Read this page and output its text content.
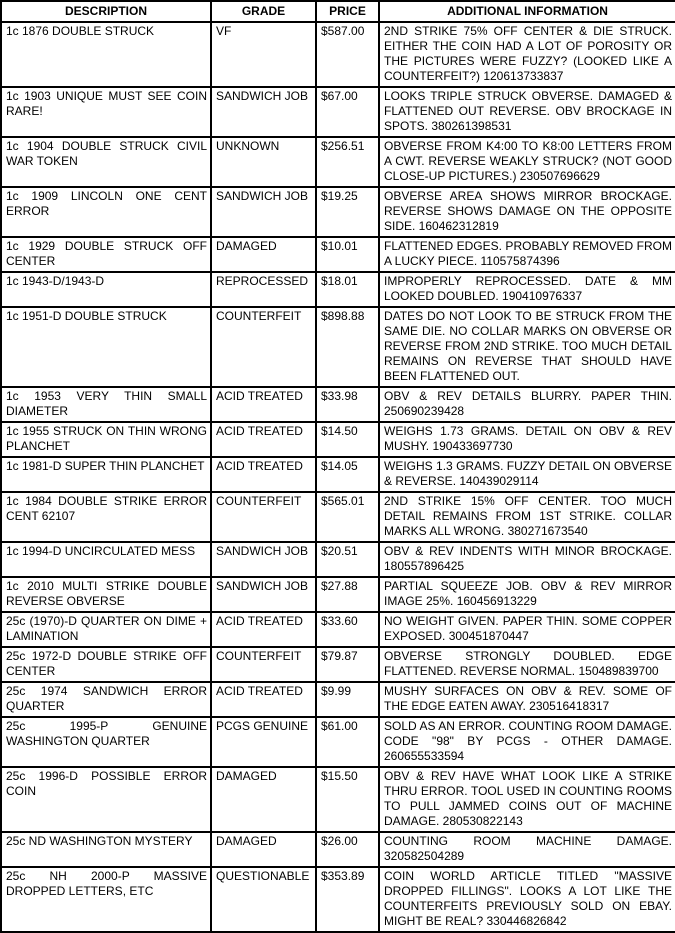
DESCRIPTION	GRADE	PRICE	ADDITIONAL INFORMATION
1c 1876 DOUBLE STRUCK	VF	$587.00	2ND STRIKE 75% OFF CENTER & DIE STRUCK. EITHER THE COIN HAD A LOT OF POROSITY OR THE PICTURES WERE FUZZY? (LOOKED LIKE A COUNTERFEIT?) 120613733837
1c 1903 UNIQUE MUST SEE COIN RARE!	SANDWICH JOB	$67.00	LOOKS TRIPLE STRUCK OBVERSE. DAMAGED & FLATTENED OUT REVERSE. OBV BROCKAGE IN SPOTS. 380261398531
1c 1904 DOUBLE STRUCK CIVIL WAR TOKEN	UNKNOWN	$256.51	OBVERSE FROM K4:00 TO K8:00 LETTERS FROM A CWT. REVERSE WEAKLY STRUCK? (NOT GOOD CLOSE-UP PICTURES.) 230507696629
1c 1909 LINCOLN ONE CENT ERROR	SANDWICH JOB	$19.25	OBVERSE AREA SHOWS MIRROR BROCKAGE. REVERSE SHOWS DAMAGE ON THE OPPOSITE SIDE. 160462312819
1c 1929 DOUBLE STRUCK OFF CENTER	DAMAGED	$10.01	FLATTENED EDGES. PROBABLY REMOVED FROM A LUCKY PIECE. 110575874396
1c 1943-D/1943-D	REPROCESSED	$18.01	IMPROPERLY REPROCESSED. DATE & MM LOOKED DOUBLED. 190410976337
1c 1951-D DOUBLE STRUCK	COUNTERFEIT	$898.88	DATES DO NOT LOOK TO BE STRUCK FROM THE SAME DIE. NO COLLAR MARKS ON OBVERSE OR REVERSE FROM 2ND STRIKE. TOO MUCH DETAIL REMAINS ON REVERSE THAT SHOULD HAVE BEEN FLATTENED OUT.
1c 1953 VERY THIN SMALL DIAMETER	ACID TREATED	$33.98	OBV & REV DETAILS BLURRY. PAPER THIN. 250690239428
1c 1955 STRUCK ON THIN WRONG PLANCHET	ACID TREATED	$14.50	WEIGHS 1.73 GRAMS. DETAIL ON OBV & REV MUSHY. 190433697730
1c 1981-D SUPER THIN PLANCHET	ACID TREATED	$14.05	WEIGHS 1.3 GRAMS. FUZZY DETAIL ON OBVERSE & REVERSE. 140439029114
1c 1984 DOUBLE STRIKE ERROR CENT 62107	COUNTERFEIT	$565.01	2ND STRIKE 15% OFF CENTER. TOO MUCH DETAIL REMAINS FROM 1ST STRIKE. COLLAR MARKS ALL WRONG. 380271673540
1c 1994-D UNCIRCULATED MESS	SANDWICH JOB	$20.51	OBV & REV INDENTS WITH MINOR BROCKAGE. 180557896425
1c 2010 MULTI STRIKE DOUBLE REVERSE OBVERSE	SANDWICH JOB	$27.88	PARTIAL SQUEEZE JOB. OBV & REV MIRROR IMAGE 25%. 160456913229
25c (1970)-D QUARTER ON DIME + LAMINATION	ACID TREATED	$33.60	NO WEIGHT GIVEN. PAPER THIN. SOME COPPER EXPOSED. 300451870447
25c 1972-D DOUBLE STRIKE OFF CENTER	COUNTERFEIT	$79.87	OBVERSE STRONGLY DOUBLED. EDGE FLATTENED. REVERSE NORMAL. 150489839700
25c 1974 SANDWICH ERROR QUARTER	ACID TREATED	$9.99	MUSHY SURFACES ON OBV & REV. SOME OF THE EDGE EATEN AWAY. 230516418317
25c 1995-P GENUINE WASHINGTON QUARTER	PCGS GENUINE	$61.00	SOLD AS AN ERROR. COUNTING ROOM DAMAGE. CODE "98" BY PCGS - OTHER DAMAGE. 260655533594
25c 1996-D POSSIBLE ERROR COIN	DAMAGED	$15.50	OBV & REV HAVE WHAT LOOK LIKE A STRIKE THRU ERROR. TOOL USED IN COUNTING ROOMS TO PULL JAMMED COINS OUT OF MACHINE DAMAGE. 280530822143
25c ND WASHINGTON MYSTERY	DAMAGED	$26.00	COUNTING ROOM MACHINE DAMAGE. 320582504289
25c NH 2000-P MASSIVE DROPPED LETTERS, ETC	QUESTIONABLE	$353.89	COIN WORLD ARTICLE TITLED "MASSIVE DROPPED FILLINGS". LOOKS A LOT LIKE THE COUNTERFEITS PREVIOUSLY SOLD ON EBAY. MIGHT BE REAL? 330446826842
